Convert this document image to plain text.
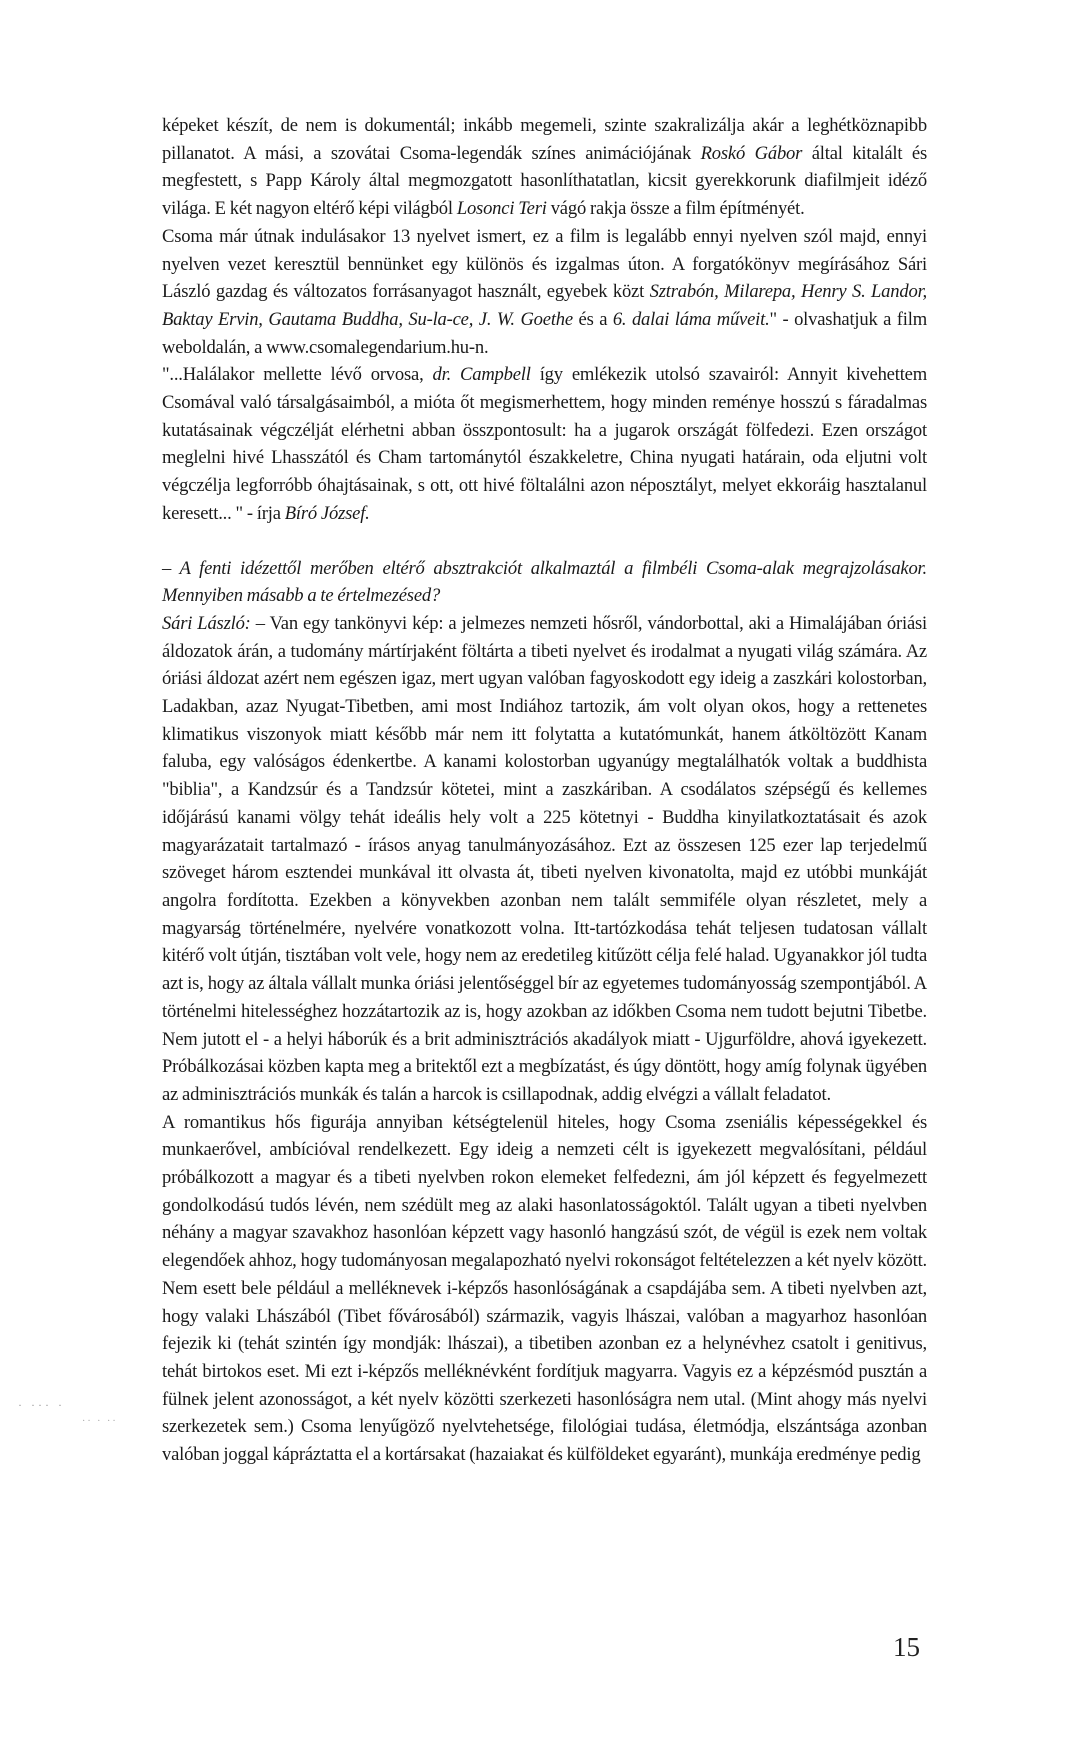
képeket készít, de nem is dokumentál; inkább megemeli, szinte szakralizálja akár a leghétköznapibb pillanatot. A mási, a szovátai Csoma-legendák színes animációjának Roskó Gábor által kitalált és megfestett, s Papp Károly által megmozgatott hasonlíthatatlan, kicsit gyerekkorunk diafilmjeit idéző világa. E két nagyon eltérő képi világból Losonci Teri vágó rakja össze a film építményét.

Csoma már útnak indulásakor 13 nyelvet ismert, ez a film is legalább ennyi nyelven szól majd, ennyi nyelven vezet keresztül bennünket egy különös és izgalmas úton. A forgatókönyv megírásához Sári László gazdag és változatos forrásanyagot használt, egyebek közt Sztrabón, Milarepa, Henry S. Landor, Baktay Ervin, Gautama Buddha, Su-la-ce, J. W. Goethe és a 6. dalai láma műveit." - olvashatjuk a film weboldalán, a www.csomalegendarium.hu-n.

"...Halálakor mellette lévő orvosa, dr. Campbell így emlékezik utolsó szavairól: Annyit kivehettem Csomával való társalgásaimból, a mióta őt megismerhettem, hogy minden reménye hosszú s fáradalmas kutatásainak végczélját elérhetni abban összpontosult: ha a jugarok országát fölfedezi. Ezen országot meglelni hivé Lhasszától és Cham tartománytól északkeletre, China nyugati határain, oda eljutni volt végczélja legforróbb óhajtásainak, s ott, ott hivé föltalálni azon néposztályt, melyet ekkoráig hasztalanul keresett... " - írja Bíró József.

– A fenti idézettől merőben eltérő absztrakciót alkalmaztál a filmbéli Csoma-alak megrajzolásakor. Mennyiben másabb a te értelmezésed?

Sári László: – Van egy tankönyvi kép: a jelmezes nemzeti hősről, vándorbottal, aki a Himalájában óriási áldozatok árán, a tudomány mártírjaként föltárta a tibeti nyelvet és irodalmat a nyugati világ számára. Az óriási áldozat azért nem egészen igaz, mert ugyan valóban fagyoskodott egy ideig a zaszkári kolostorban, Ladakban, azaz Nyugat-Tibetben, ami most Indiához tartozik, ám volt olyan okos, hogy a rettenetes klimatikus viszonyok miatt később már nem itt folytatta a kutatómunkát, hanem átköltözött Kanam faluba, egy valóságos édenkertbe. A kanami kolostorban ugyanúgy megtalálhatók voltak a buddhista "biblia", a Kandzsúr és a Tandzsúr kötetei, mint a zaszkáriban. A csodálatos szépségű és kellemes időjárású kanami völgy tehát ideális hely volt a 225 kötetnyi - Buddha kinyilatkoztatásait és azok magyarázatait tartalmazó - írásos anyag tanulmányozásához. Ezt az összesen 125 ezer lap terjedelmű szöveget három esztendei munkával itt olvasta át, tibeti nyelven kivonatolta, majd ez utóbbi munkáját angolra fordította. Ezekben a könyvekben azonban nem talált semmiféle olyan részletet, mely a magyarság történelmére, nyelvére vonatkozott volna. Itt-tartózkodása tehát teljesen tudatosan vállalt kitérő volt útján, tisztában volt vele, hogy nem az eredetileg kitűzött célja felé halad. Ugyanakkor jól tudta azt is, hogy az általa vállalt munka óriási jelentőséggel bír az egyetemes tudományosság szempontjából. A történelmi hitelességhez hozzátartozik az is, hogy azokban az időkben Csoma nem tudott bejutni Tibetbe. Nem jutott el - a helyi háborúk és a brit adminisztrációs akadályok miatt - Ujgurföldre, ahová igyekezett. Próbálkozásai közben kapta meg a britektől ezt a megbízatást, és úgy döntött, hogy amíg folynak ügyében az adminisztrációs munkák és talán a harcok is csillapodnak, addig elvégzi a vállalt feladatot.

A romantikus hős figurája annyiban kétségtelenül hiteles, hogy Csoma zseniális képességekkel és munkaerővel, ambícióval rendelkezett. Egy ideig a nemzeti célt is igyekezett megvalósítani, például próbálkozott a magyar és a tibeti nyelvben rokon elemeket felfedezni, ám jól képzett és fegyelmezett gondolkodású tudós lévén, nem szédült meg az alaki hasonlatosságoktól. Talált ugyan a tibeti nyelvben néhány a magyar szavakhoz hasonlóan képzett vagy hasonló hangzású szót, de végül is ezek nem voltak elegendőek ahhoz, hogy tudományosan megalapozható nyelvi rokonságot feltételezzen a két nyelv között. Nem esett bele például a melléknevek i-képzős hasonlóságának a csapdájába sem. A tibeti nyelvben azt, hogy valaki Lhászából (Tibet fővárosából) származik, vagyis lhászai, valóban a magyarhoz hasonlóan fejezik ki (tehát szintén így mondják: lhászai), a tibetiben azonban ez a helynévhez csatolt i genitivus, tehát birtokos eset. Mi ezt i-képzős melléknévként fordítjuk magyarra. Vagyis ez a képzésmód pusztán a fülnek jelent azonosságot, a két nyelv közötti szerkezeti hasonlóságra nem utal. (Mint ahogy más nyelvi szerkezetek sem.) Csoma lenyűgöző nyelvtehetsége, filológiai tudása, életmódja, elszántsága azonban valóban joggal kápráztatta el a kortársakat (hazaiakat és külföldeket egyaránt), munkája eredménye pedig

· ··· ·
·· · ··
15
